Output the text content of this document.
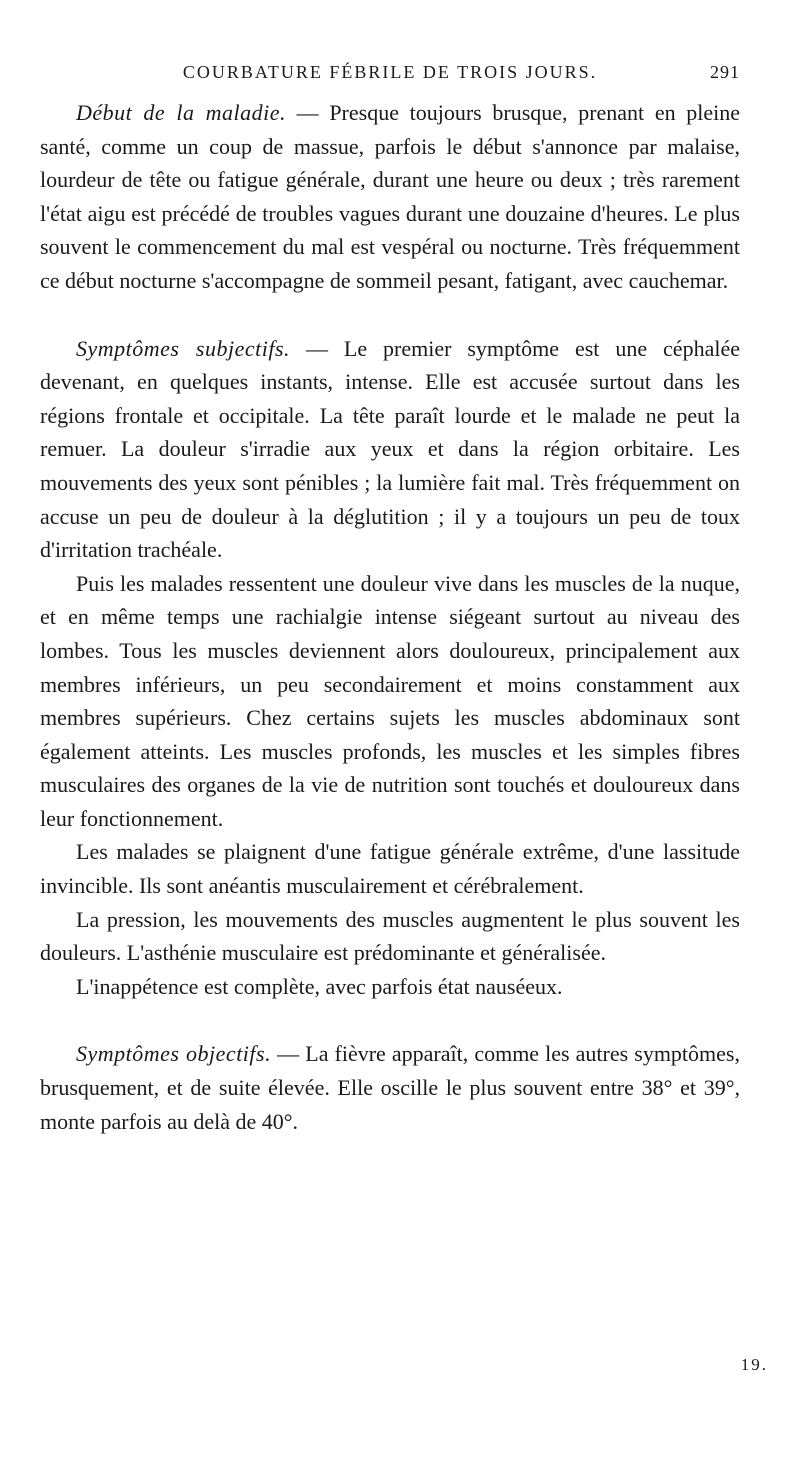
COURBATURE FÉBRILE DE TROIS JOURS.	291

Début de la maladie. — Presque toujours brusque, prenant en pleine santé, comme un coup de massue, parfois le début s'annonce par malaise, lourdeur de tête ou fatigue générale, durant une heure ou deux ; très rarement l'état aigu est précédé de troubles vagues durant une douzaine d'heures. Le plus souvent le commencement du mal est vespéral ou nocturne. Très fréquemment ce début nocturne s'accompagne de sommeil pesant, fatigant, avec cauchemar.

Symptômes subjectifs. — Le premier symptôme est une céphalée devenant, en quelques instants, intense. Elle est accusée surtout dans les régions frontale et occipitale. La tête paraît lourde et le malade ne peut la remuer. La douleur s'irradie aux yeux et dans la région orbitaire. Les mouvements des yeux sont pénibles ; la lumière fait mal. Très fréquemment on accuse un peu de douleur à la déglutition ; il y a toujours un peu de toux d'irritation trachéale.

Puis les malades ressentent une douleur vive dans les muscles de la nuque, et en même temps une rachialgie intense siégeant surtout au niveau des lombes. Tous les muscles deviennent alors douloureux, principalement aux membres inférieurs, un peu secondairement et moins constamment aux membres supérieurs. Chez certains sujets les muscles abdominaux sont également atteints. Les muscles profonds, les muscles et les simples fibres musculaires des organes de la vie de nutrition sont touchés et douloureux dans leur fonctionnement.

Les malades se plaignent d'une fatigue générale extrême, d'une lassitude invincible. Ils sont anéantis musculairement et cérébralement.

La pression, les mouvements des muscles augmentent le plus souvent les douleurs. L'asthénie musculaire est prédominante et généralisée.

L'inappétence est complète, avec parfois état nauséeux.

Symptômes objectifs. — La fièvre apparaît, comme les autres symptômes, brusquement, et de suite élevée. Elle oscille le plus souvent entre 38° et 39°, monte parfois au delà de 40°.

19.
